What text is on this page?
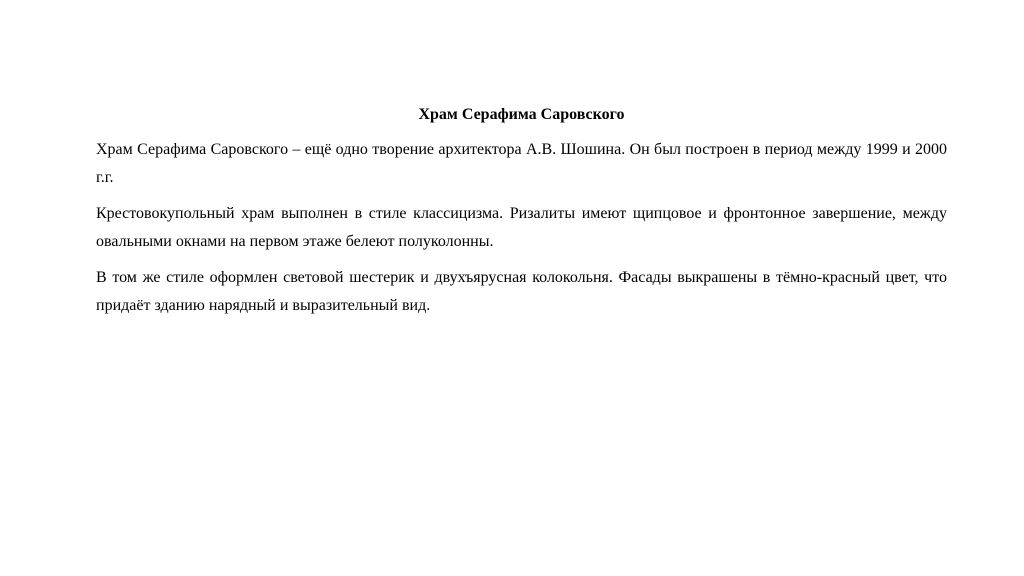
Храм Серафима Саровского

Храм Серафима Саровского – ещё одно творение архитектора А.В. Шошина. Он был построен в период между 1999 и 2000 г.г.

Крестовокупольный храм выполнен в стиле классицизма. Ризалиты имеют щипцовое и фронтонное завершение, между овальными окнами на первом этаже белеют полуколонны.

В том же стиле оформлен световой шестерик и двухъярусная колокольня. Фасады выкрашены в тёмно-красный цвет, что придаёт зданию нарядный и выразительный вид.
